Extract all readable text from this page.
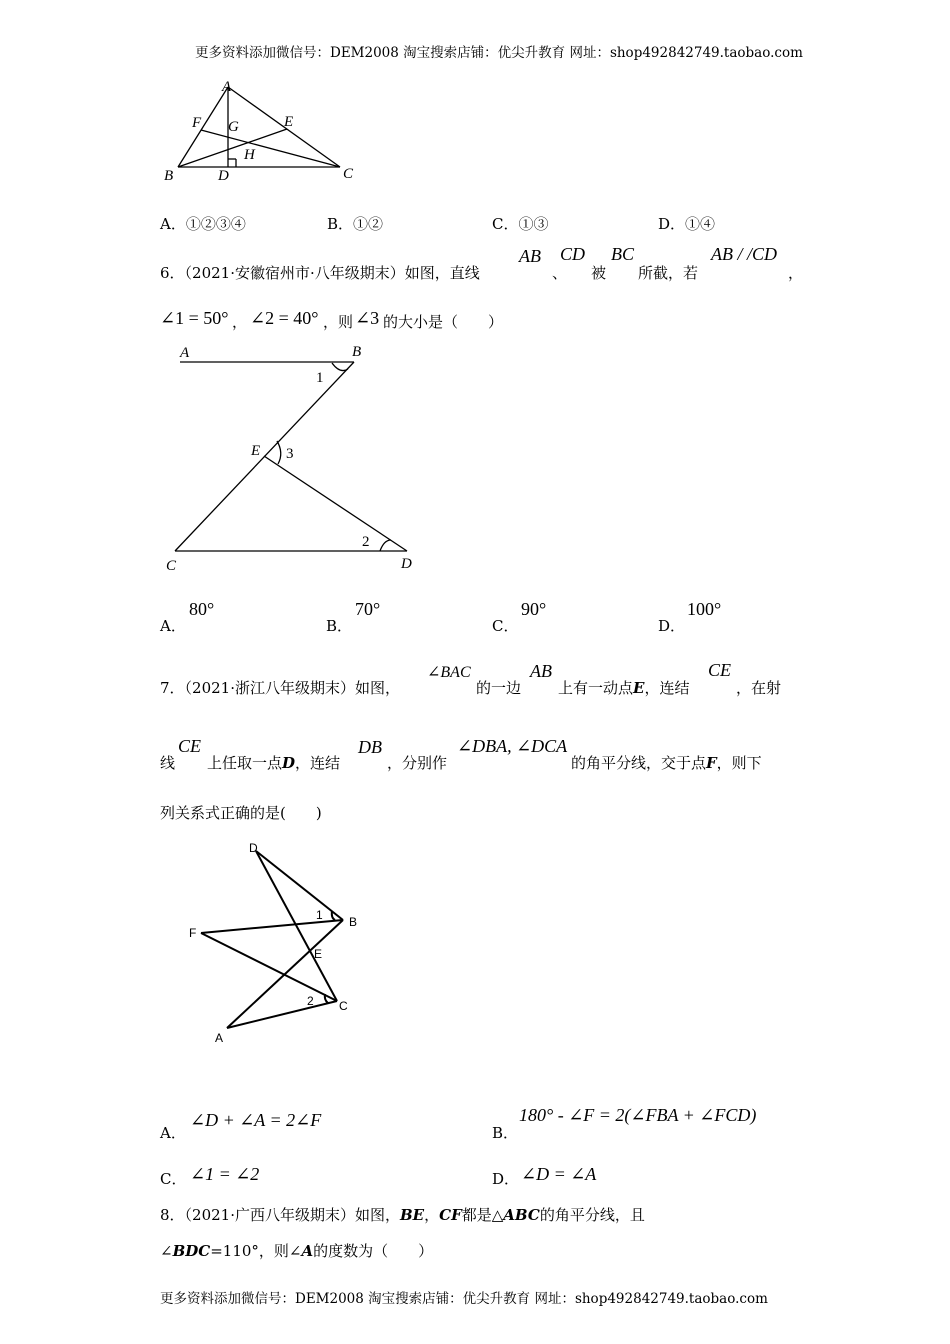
更多资料添加微信号：DEM2008 淘宝搜索店铺：优尖升教育 网址：shop492842749.taobao.com
A
F G	E
H
B	D	C
A．①②③④	B．①②	C．①③	D．①④
6．（2021·安徽宿州市·八年级期末）如图，直线
AB
、
CD
被
BC
所截，若
AB / /CD
，
∠1 = 50° ， ∠2 = 40° ，则 ∠3 的大小是（　　）
A	B
1
E 3
2
C	D
A．
80°
B．
70°
C．
90°
D．
100°
7．（2021·浙江八年级期末）如图，
∠BAC
的一边
AB
上有一动点E，连结
CE
，在射
线
CE
上任取一点D，连结
DB
，分别作
∠DBA, ∠DCA
的角平分线，交于点F，则下
列关系式正确的是(　　)
D
1 B
F
E
2 C
A
A．
∠D + ∠A = 2∠F
B．
180° - ∠F = 2(∠FBA + ∠FCD)
C． ∠1 = ∠2	D． ∠D = ∠A
8．（2021·广西八年级期末）如图，BE，CF都是△ABC的角平分线，且
∠BDC=110°，则∠A的度数为（　　）
更多资料添加微信号：DEM2008 淘宝搜索店铺：优尖升教育 网址：shop492842749.taobao.com
